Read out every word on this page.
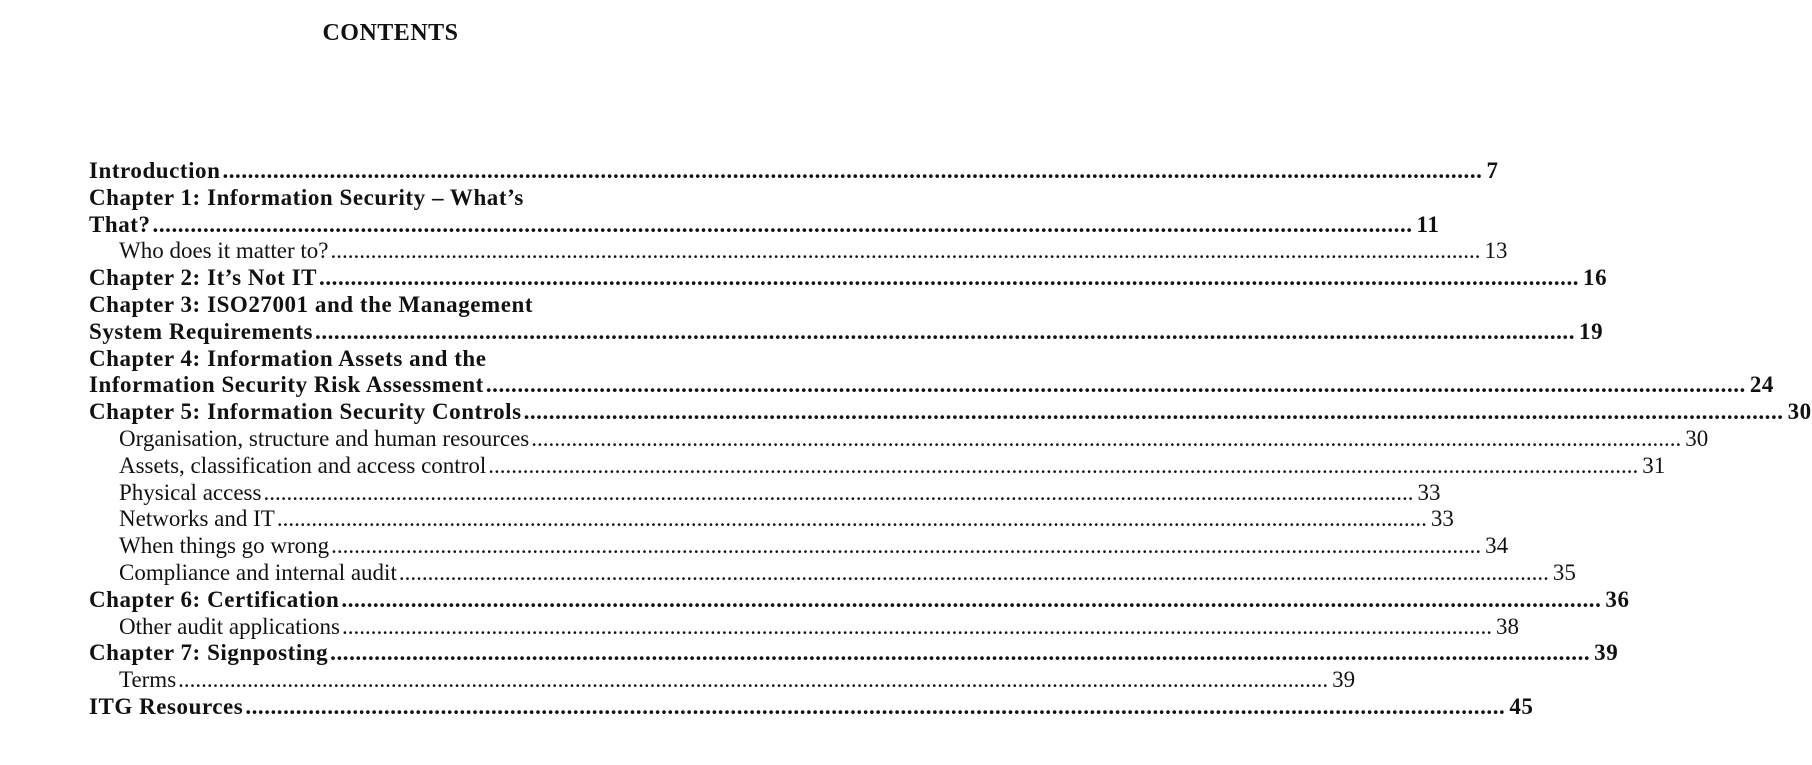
CONTENTS
Introduction ........................................................................................................................................................................................................ 7
Chapter 1: Information Security – What’s
That? ........................................................................................................................................................................................................ 11
Who does it matter to? ........................................................................................................................................................................................................ 13
Chapter 2: It’s Not IT ........................................................................................................................................................................................................ 16
Chapter 3: ISO27001 and the Management
System Requirements ........................................................................................................................................................................................................ 19
Chapter 4: Information Assets and the
Information Security Risk Assessment ........................................................................................................................................................................................................ 24
Chapter 5: Information Security Controls ........................................................................................................................................................................................................ 30
Organisation, structure and human resources ........................................................................................................................................................................................................ 30
Assets, classification and access control ........................................................................................................................................................................................................ 31
Physical access ........................................................................................................................................................................................................ 33
Networks and IT ........................................................................................................................................................................................................ 33
When things go wrong ........................................................................................................................................................................................................ 34
Compliance and internal audit ........................................................................................................................................................................................................ 35
Chapter 6: Certification ........................................................................................................................................................................................................ 36
Other audit applications ........................................................................................................................................................................................................ 38
Chapter 7: Signposting ........................................................................................................................................................................................................ 39
Terms ........................................................................................................................................................................................................ 39
ITG Resources ........................................................................................................................................................................................................ 45
